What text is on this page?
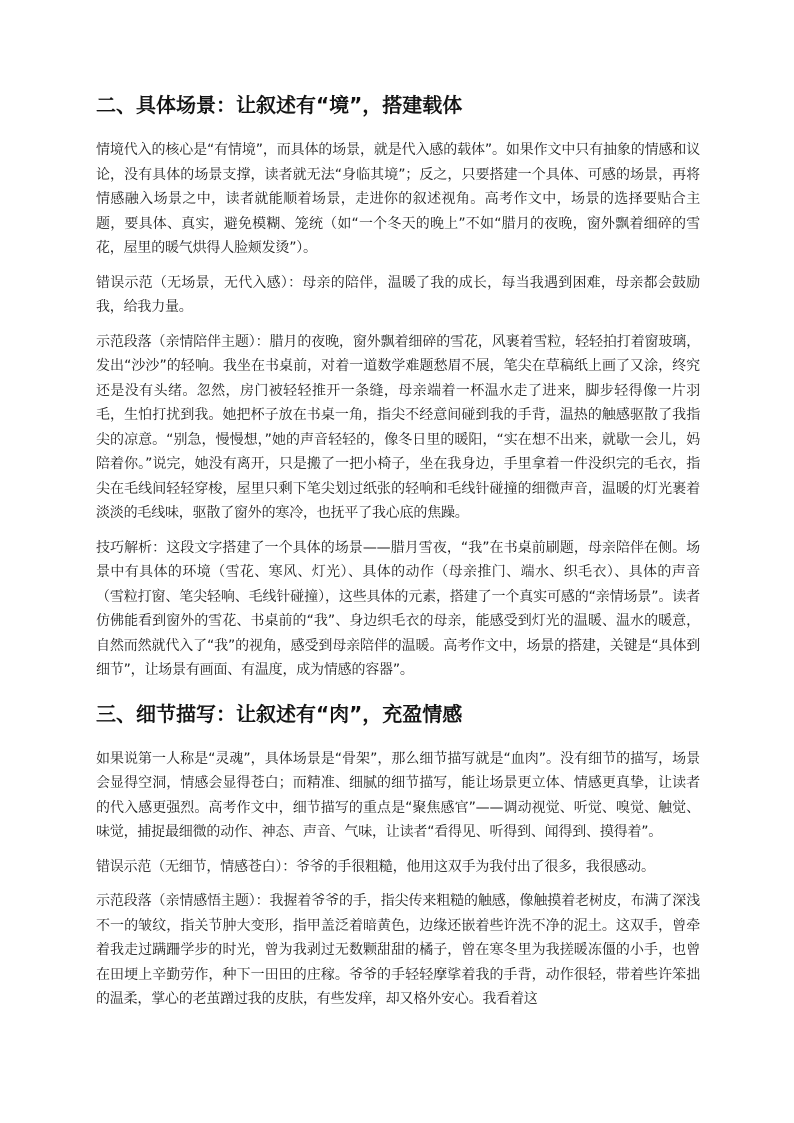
二、具体场景：让叙述有“境”，搭建载体

情境代入的核心是“有情境”，而具体的场景，就是代入感的载体”。如果作文中只有抽象的情感和议论，没有具体的场景支撑，读者就无法“身临其境”；反之，只要搭建一个具体、可感的场景，再将情感融入场景之中，读者就能顺着场景，走进你的叙述视角。高考作文中，场景的选择要贴合主题，要具体、真实，避免模糊、笼统（如“一个冬天的晚上”不如“腊月的夜晚，窗外飘着细碎的雪花，屋里的暖气烘得人脸颊发烫”）。

错误示范（无场景，无代入感）：母亲的陪伴，温暖了我的成长，每当我遇到困难，母亲都会鼓励我，给我力量。

示范段落（亲情陪伴主题）：腊月的夜晚，窗外飘着细碎的雪花，风裹着雪粒，轻轻拍打着窗玻璃，发出“沙沙”的轻响。我坐在书桌前，对着一道数学难题愁眉不展，笔尖在草稿纸上画了又涂，终究还是没有头绪。忽然，房门被轻轻推开一条缝，母亲端着一杯温水走了进来，脚步轻得像一片羽毛，生怕打扰到我。她把杯子放在书桌一角，指尖不经意间碰到我的手背，温热的触感驱散了我指尖的凉意。“别急，慢慢想，”她的声音轻轻的，像冬日里的暖阳，“实在想不出来，就歇一会儿，妈陪着你。”说完，她没有离开，只是搬了一把小椅子，坐在我身边，手里拿着一件没织完的毛衣，指尖在毛线间轻轻穿梭，屋里只剩下笔尖划过纸张的轻响和毛线针碰撞的细微声音，温暖的灯光裹着淡淡的毛线味，驱散了窗外的寒冷，也抚平了我心底的焦躁。

技巧解析：这段文字搭建了一个具体的场景——腊月雪夜，“我”在书桌前刷题，母亲陪伴在侧。场景中有具体的环境（雪花、寒风、灯光）、具体的动作（母亲推门、端水、织毛衣）、具体的声音（雪粒打窗、笔尖轻响、毛线针碰撞），这些具体的元素，搭建了一个真实可感的“亲情场景”。读者仿佛能看到窗外的雪花、书桌前的“我”、身边织毛衣的母亲，能感受到灯光的温暖、温水的暖意，自然而然就代入了“我”的视角，感受到母亲陪伴的温暖。高考作文中，场景的搭建，关键是“具体到细节”，让场景有画面、有温度，成为情感的容器”。

三、细节描写：让叙述有“肉”，充盈情感

如果说第一人称是“灵魂”，具体场景是“骨架”，那么细节描写就是“血肉”。没有细节的描写，场景会显得空洞，情感会显得苍白；而精准、细腻的细节描写，能让场景更立体、情感更真挚，让读者的代入感更强烈。高考作文中，细节描写的重点是“聚焦感官”——调动视觉、听觉、嗅觉、触觉、味觉，捕捉最细微的动作、神态、声音、气味，让读者“看得见、听得到、闻得到、摸得着”。

错误示范（无细节，情感苍白）：爷爷的手很粗糙，他用这双手为我付出了很多，我很感动。

示范段落（亲情感悟主题）：我握着爷爷的手，指尖传来粗糙的触感，像触摸着老树皮，布满了深浅不一的皱纹，指关节肿大变形，指甲盖泛着暗黄色，边缘还嵌着些许洗不净的泥土。这双手，曾牵着我走过蹒跚学步的时光，曾为我剥过无数颗甜甜的橘子，曾在寒冬里为我搓暖冻僵的小手，也曾在田埂上辛勤劳作，种下一田田的庄稼。爷爷的手轻轻摩挲着我的手背，动作很轻，带着些许笨拙的温柔，掌心的老茧蹭过我的皮肤，有些发痒，却又格外安心。我看着这
